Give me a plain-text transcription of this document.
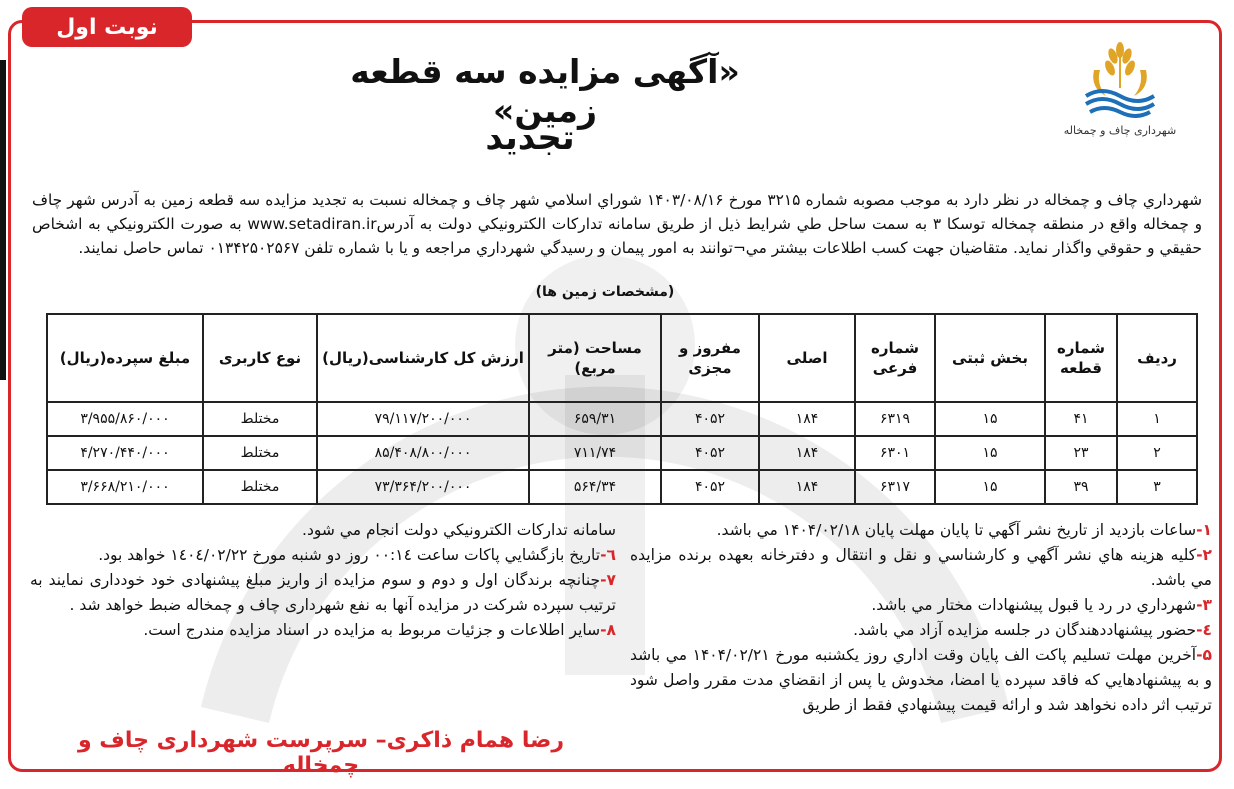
نوبت اول
شهرداری چاف و چمخاله
«آگهی مزایده سه قطعه زمین»
تجدید
شهرداري چاف و چمخاله در نظر دارد به موجب مصوبه شماره ۳۲۱۵ مورخ ۱۴۰۳/۰۸/۱۶ شوراي اسلامي شهر چاف و چمخاله نسبت به تجدید مزایده سه قطعه زمین به آدرس شهر چاف و چمخاله واقع در منطقه چمخاله توسکا ۳ به سمت ساحل طي شرایط ذیل از طریق سامانه تدارکات الکترونیکي دولت به آدرسwww.setadiran.ir به صورت الکترونیکي به اشخاص حقیقي و حقوقي واگذار نماید. متقاضیان جهت کسب اطلاعات بیشتر مي¬توانند به امور پیمان و رسیدگي شهرداري مراجعه و یا با شماره تلفن ۰۱۳۴۲۵۰۲۵۶۷ تماس حاصل نمایند.
(مشخصات زمین ها)
ردیف	شماره قطعه	بخش ثبتی	شماره فرعی	اصلی	مفروز و مجزی	مساحت (متر مربع)	ارزش کل کارشناسی(ریال)	نوع کاربری	مبلغ سپرده(ریال)
۱	۴۱	۱۵	۶۳۱۹	۱۸۴	۴۰۵۲	۶۵۹/۳۱	۷۹/۱۱۷/۲۰۰/۰۰۰	مختلط	۳/۹۵۵/۸۶۰/۰۰۰
۲	۲۳	۱۵	۶۳۰۱	۱۸۴	۴۰۵۲	۷۱۱/۷۴	۸۵/۴۰۸/۸۰۰/۰۰۰	مختلط	۴/۲۷۰/۴۴۰/۰۰۰
۳	۳۹	۱۵	۶۳۱۷	۱۸۴	۴۰۵۲	۵۶۴/۳۴	۷۳/۳۶۴/۲۰۰/۰۰۰	مختلط	۳/۶۶۸/۲۱۰/۰۰۰

۱-ساعات بازدید از تاریخ نشر آگهي تا پایان مهلت پایان ۱۴۰۴/۰۲/۱۸ مي باشد.

۲-کلیه هزینه هاي نشر آگهي و کارشناسي و نقل و انتقال و دفترخانه بعهده برنده مزایده مي باشد.

۳-شهرداري در رد یا قبول پیشنهادات مختار مي باشد.

٤-حضور پیشنهاددهندگان در جلسه مزایده آزاد مي باشد.

۵-آخرین مهلت تسلیم پاکت الف پایان وقت اداري روز یکشنبه مورخ ۱۴۰۴/۰۲/۲۱ مي باشد و به پیشنهادهایي که فاقد سپرده یا امضا، مخدوش یا پس از انقضاي مدت مقرر واصل شود ترتیب اثر داده نخواهد شد و ارائه قیمت پیشنهادي فقط از طریق

سامانه تدارکات الکترونیکي دولت انجام مي شود.

٦-تاریخ بازگشایي پاکات ساعت ۰۰:۱٤ روز دو شنبه مورخ ۱٤۰٤/۰۲/۲۲ خواهد بود.

۷-چنانچه برندگان اول و دوم و سوم مزایده از واریز مبلغ پیشنهادی خود خودداری نمایند به ترتیب سپرده شرکت در مزایده آنها به نفع شهرداری چاف و چمخاله ضبط خواهد شد .

۸-سایر اطلاعات و جزئیات مربوط به مزایده در اسناد مزایده مندرج است.

رضا همام ذاکری– سرپرست شهرداری چاف و چمخاله
